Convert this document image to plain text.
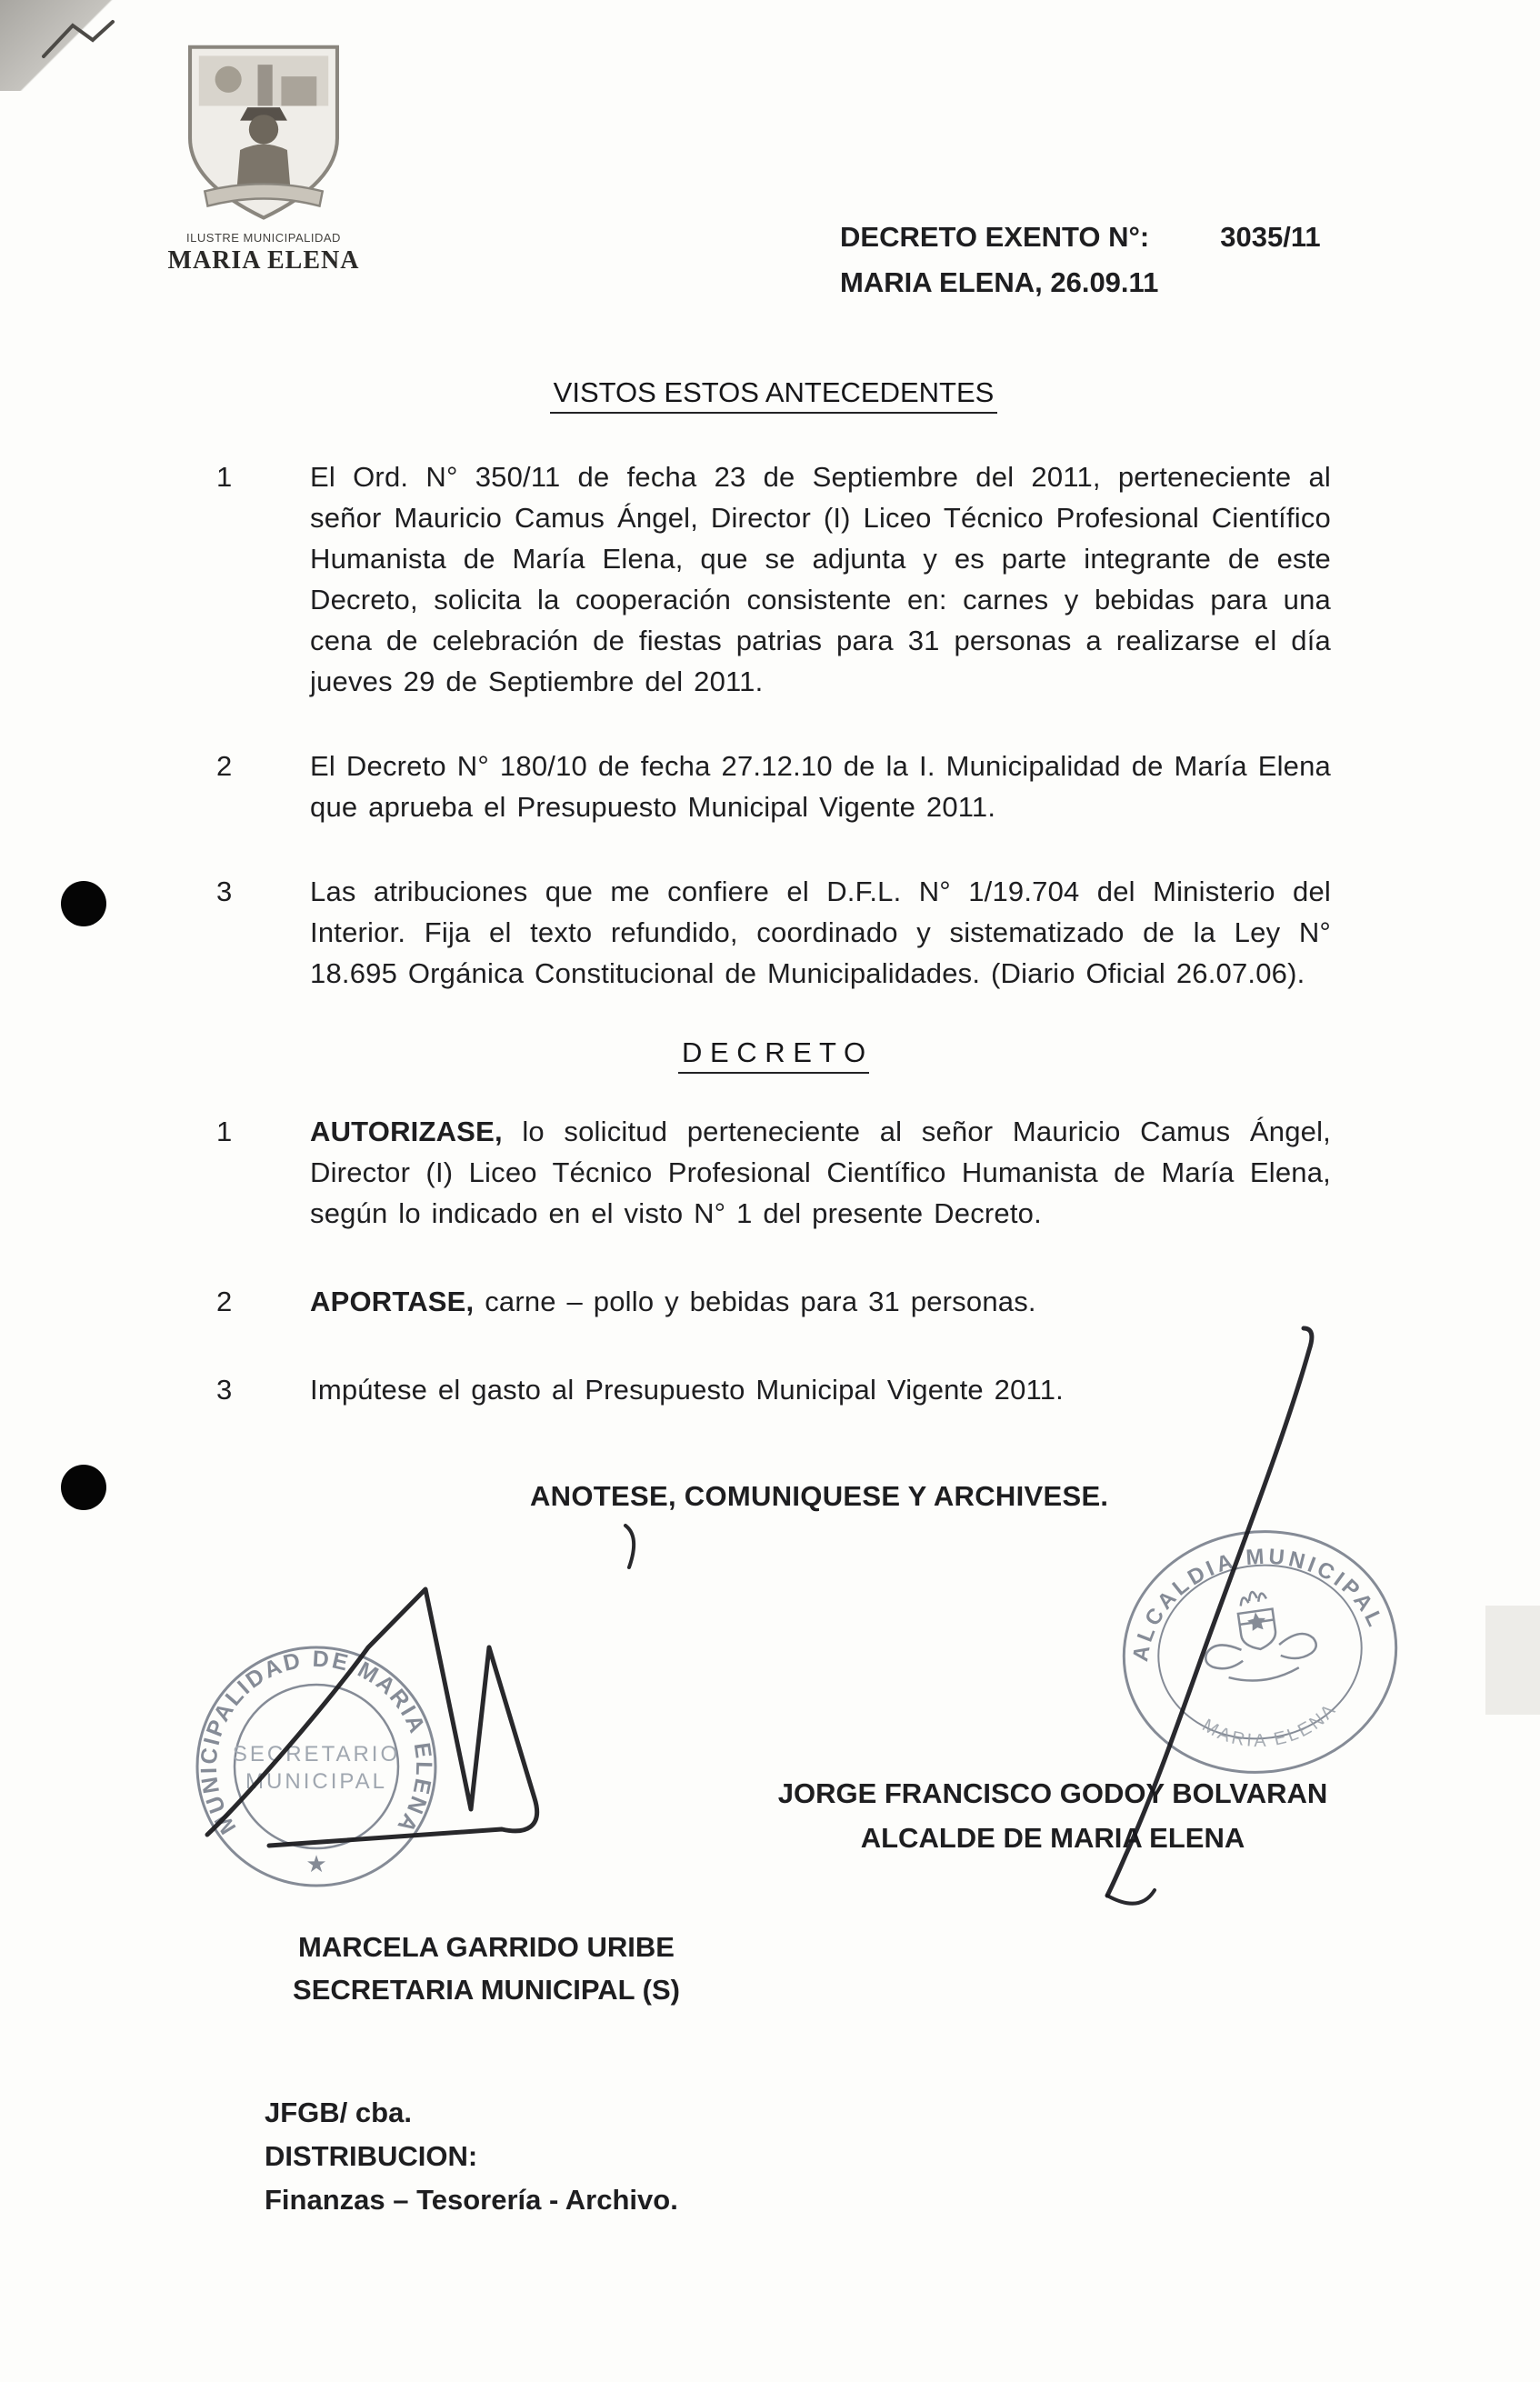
ILUSTRE MUNICIPALIDAD
MARIA ELENA
DECRETO EXENTO N°:	3035/11
MARIA ELENA, 26.09.11
VISTOS ESTOS ANTECEDENTES
1	El Ord. N° 350/11 de fecha 23 de Septiembre del 2011, perteneciente al señor Mauricio Camus Ángel, Director (I) Liceo Técnico Profesional Científico Humanista de María Elena, que se adjunta y es parte integrante de este Decreto, solicita la cooperación consistente en: carnes y bebidas para una cena de celebración de fiestas patrias para 31 personas a realizarse el día jueves 29 de Septiembre del 2011.
2	El Decreto N° 180/10 de fecha 27.12.10 de la I. Municipalidad de María Elena que aprueba el Presupuesto Municipal Vigente 2011.
3	Las atribuciones que me confiere el D.F.L. N° 1/19.704 del Ministerio del Interior. Fija el texto refundido, coordinado y sistematizado de la Ley N° 18.695 Orgánica Constitucional de Municipalidades. (Diario Oficial 26.07.06).
D E C R E T O
1	AUTORIZASE, lo solicitud perteneciente al señor Mauricio Camus Ángel, Director (I) Liceo Técnico Profesional Científico Humanista de María Elena, según lo indicado en el visto N° 1 del presente Decreto.
2	APORTASE, carne – pollo y bebidas para 31 personas.
3	Impútese el gasto al Presupuesto Municipal Vigente 2011.
ANOTESE, COMUNIQUESE Y ARCHIVESE.
ALCALDIA MUNICIPAL
MARIA ELENA
JORGE FRANCISCO GODOY BOLVARAN
ALCALDE DE MARIA ELENA
MUNICIPALIDAD DE MARIA ELENA
SECRETARIO
MUNICIPAL
★
MARCELA GARRIDO URIBE
SECRETARIA MUNICIPAL (S)
JFGB/ cba.
DISTRIBUCION:
Finanzas – Tesorería - Archivo.
